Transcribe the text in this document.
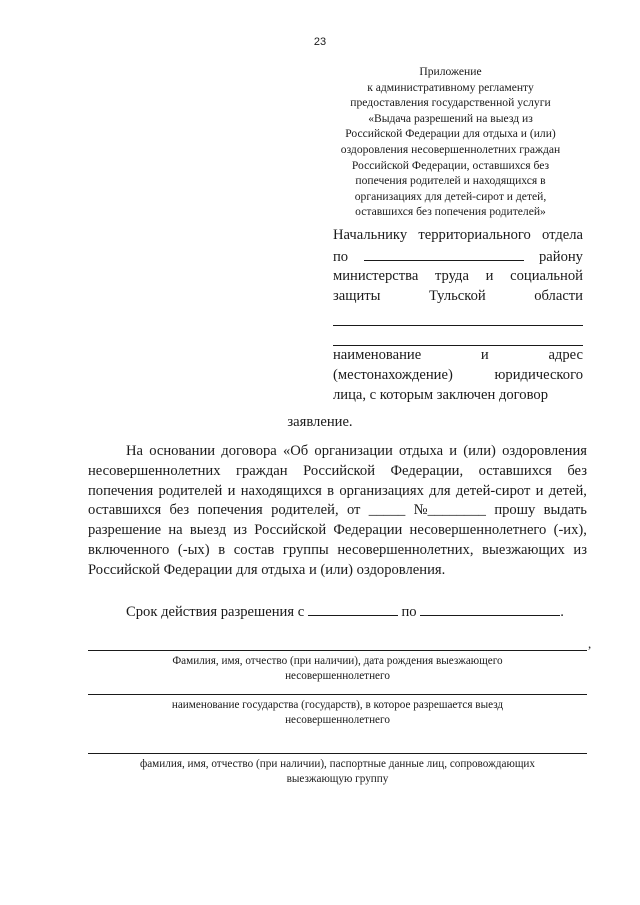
23
Приложение
к административному регламенту
предоставления государственной услуги
«Выдача разрешений на выезд из
Российской Федерации для отдыха и (или)
оздоровления несовершеннолетних граждан
Российской Федерации, оставшихся без
попечения родителей и находящихся в
организациях для детей-сирот и детей,
оставшихся без попечения родителей»
Начальнику территориального отдела
по	району
министерства труда и социальной
защиты	Тульской	области
наименование	и	адрес
(местонахождение)	юридического
лица, с которым заключен договор
заявление.
На основании договора «Об организации отдыха и (или) оздоровления
несовершеннолетних граждан Российской Федерации, оставшихся без
попечения родителей и находящихся в организациях для детей-сирот и детей,
оставшихся без попечения родителей, от _____ №________ прошу выдать
разрешение на выезд из Российской Федерации несовершеннолетнего (-их),
включенного (-ых) в состав группы несовершеннолетних, выезжающих из
Российской Федерации для отдыха и (или) оздоровления.
Срок действия разрешения с	по	.
,
Фамилия, имя, отчество (при наличии), дата рождения выезжающего
несовершеннолетнего
наименование государства (государств), в которое разрешается выезд
несовершеннолетнего
фамилия, имя, отчество (при наличии), паспортные данные лиц, сопровождающих
выезжающую группу
